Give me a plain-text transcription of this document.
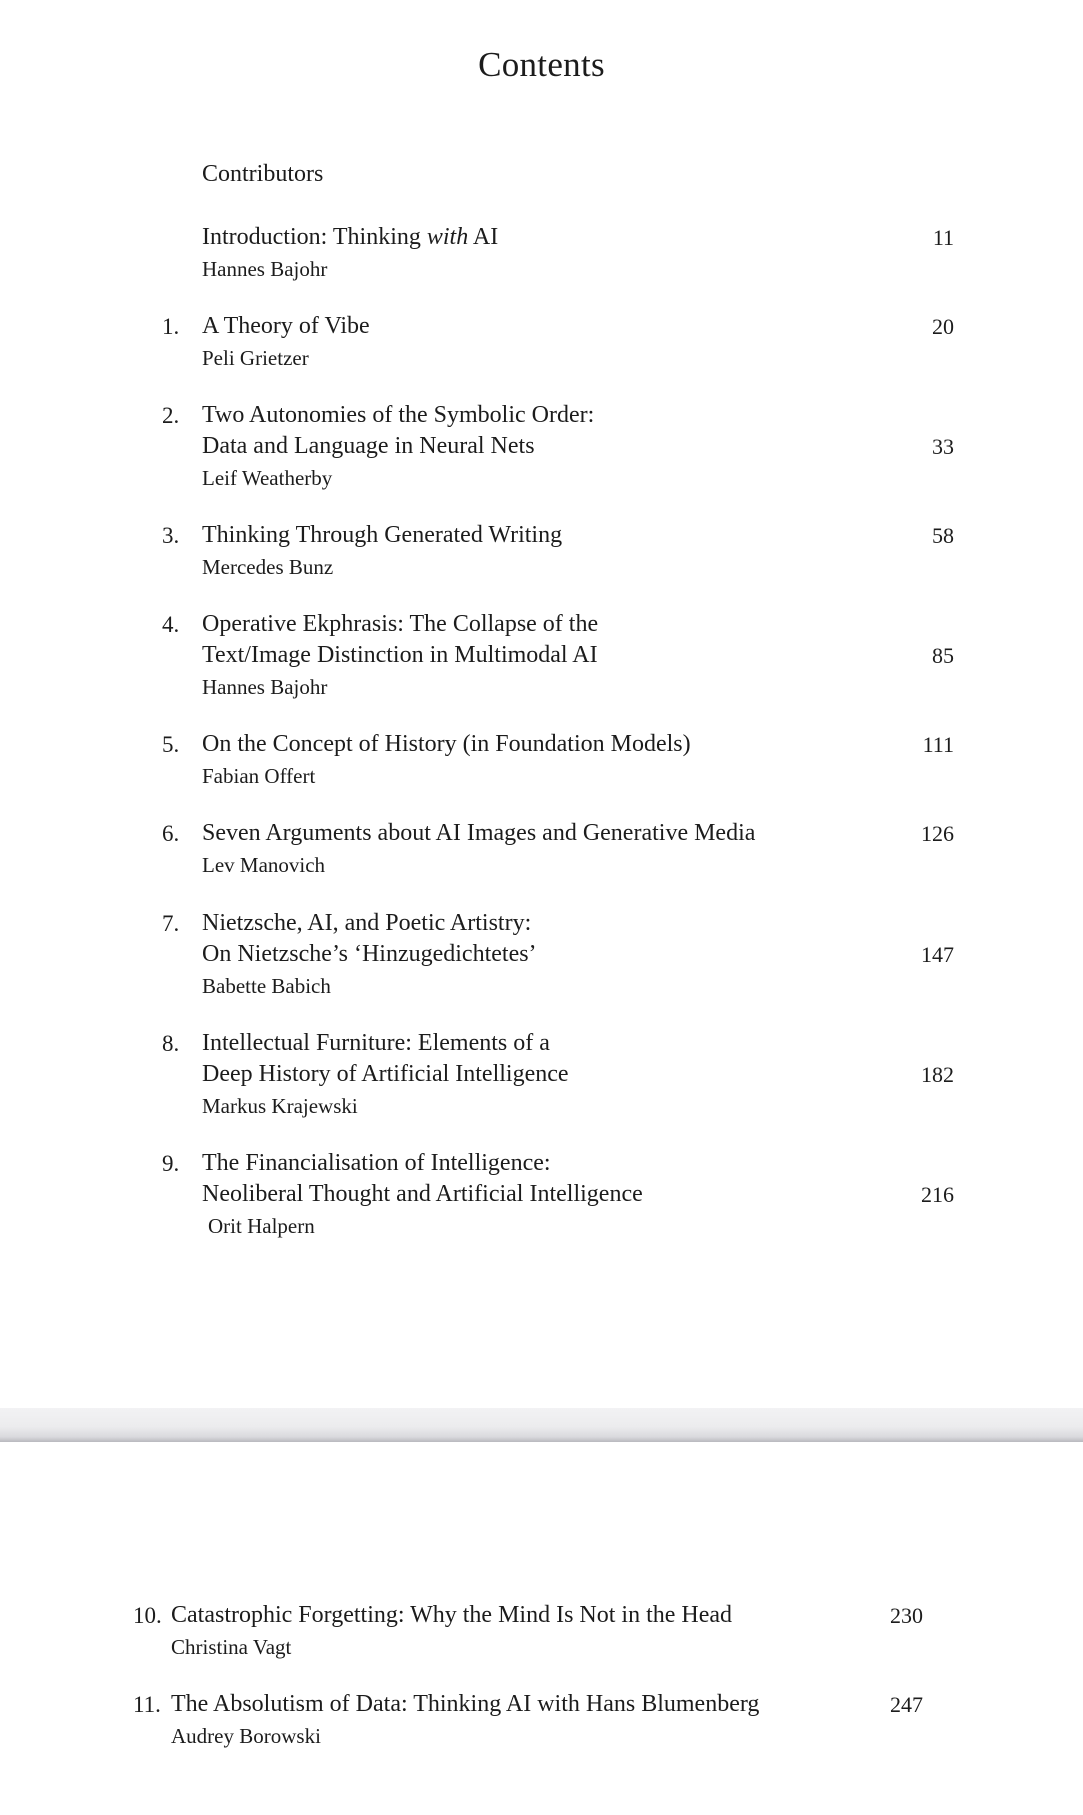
Contents
Contributors
Introduction: Thinking with AI
Hannes Bajohr
11
1. A Theory of Vibe
Peli Grietzer
20
2. Two Autonomies of the Symbolic Order:
Data and Language in Neural Nets
Leif Weatherby
33
3. Thinking Through Generated Writing
Mercedes Bunz
58
4. Operative Ekphrasis: The Collapse of the
Text/Image Distinction in Multimodal AI
Hannes Bajohr
85
5. On the Concept of History (in Foundation Models)
Fabian Offert
111
6. Seven Arguments about AI Images and Generative Media
Lev Manovich
126
7. Nietzsche, AI, and Poetic Artistry:
On Nietzsche’s ‘Hinzugedichtetes’
Babette Babich
147
8. Intellectual Furniture: Elements of a
Deep History of Artificial Intelligence
Markus Krajewski
182
9. The Financialisation of Intelligence:
Neoliberal Thought and Artificial Intelligence
Orit Halpern
216
10. Catastrophic Forgetting: Why the Mind Is Not in the Head
Christina Vagt
230
11. The Absolutism of Data: Thinking AI with Hans Blumenberg
Audrey Borowski
247
